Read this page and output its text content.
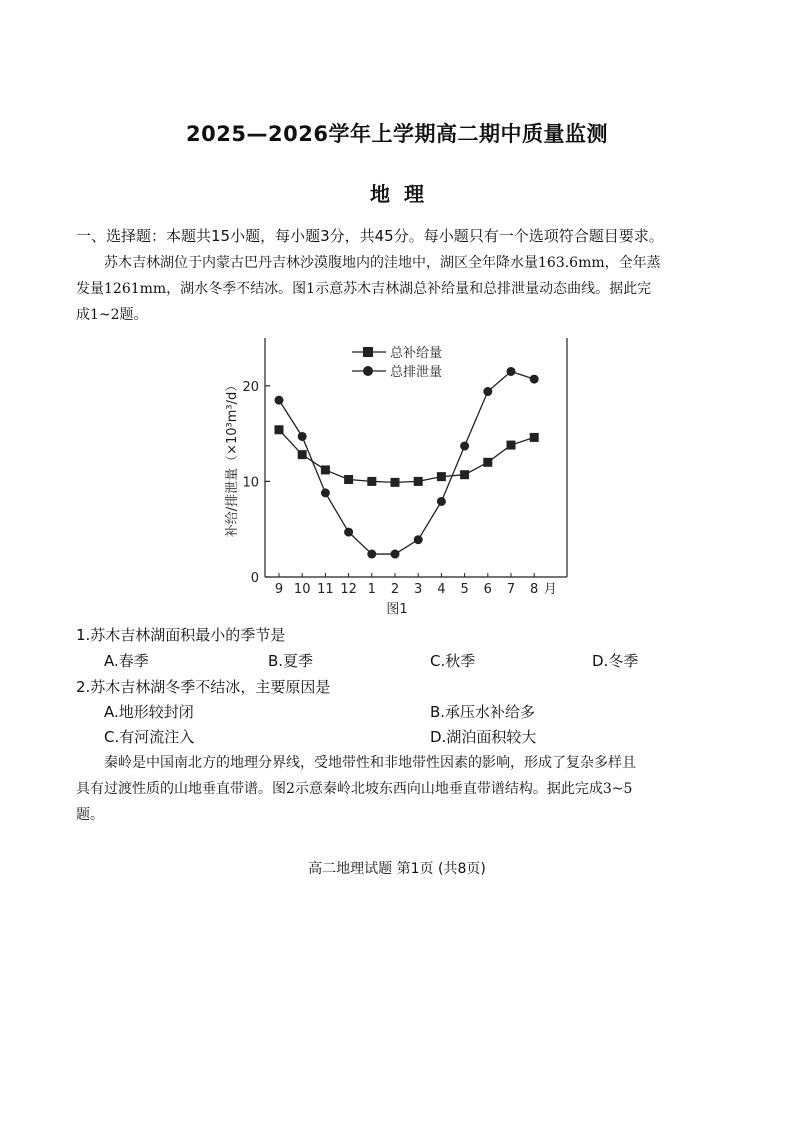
2025—2026学年上学期高二期中质量监测
地理
一、选择题：本题共15小题，每小题3分，共45分。每小题只有一个选项符合题目要求。
苏木吉林湖位于内蒙古巴丹吉林沙漠腹地内的洼地中，湖区全年降水量163.6mm，全年蒸
发量1261mm，湖水冬季不结冰。图1示意苏木吉林湖总补给量和总排泄量动态曲线。据此完
成1~2题。
0
10
20
9 10 11 12 1 2 3 4 5 6 7 8 月
总补给量
总排泄量
补给/排泄量（×10³m³/d）
图1
1.苏木吉林湖面积最小的季节是
A.春季	B.夏季	C.秋季	D.冬季
2.苏木吉林湖冬季不结冰，主要原因是
A.地形较封闭	B.承压水补给多
C.有河流注入	D.湖泊面积较大
秦岭是中国南北方的地理分界线，受地带性和非地带性因素的影响，形成了复杂多样且
具有过渡性质的山地垂直带谱。图2示意秦岭北坡东西向山地垂直带谱结构。据此完成3~5
题。
高二地理试题 第1页 (共8页)
